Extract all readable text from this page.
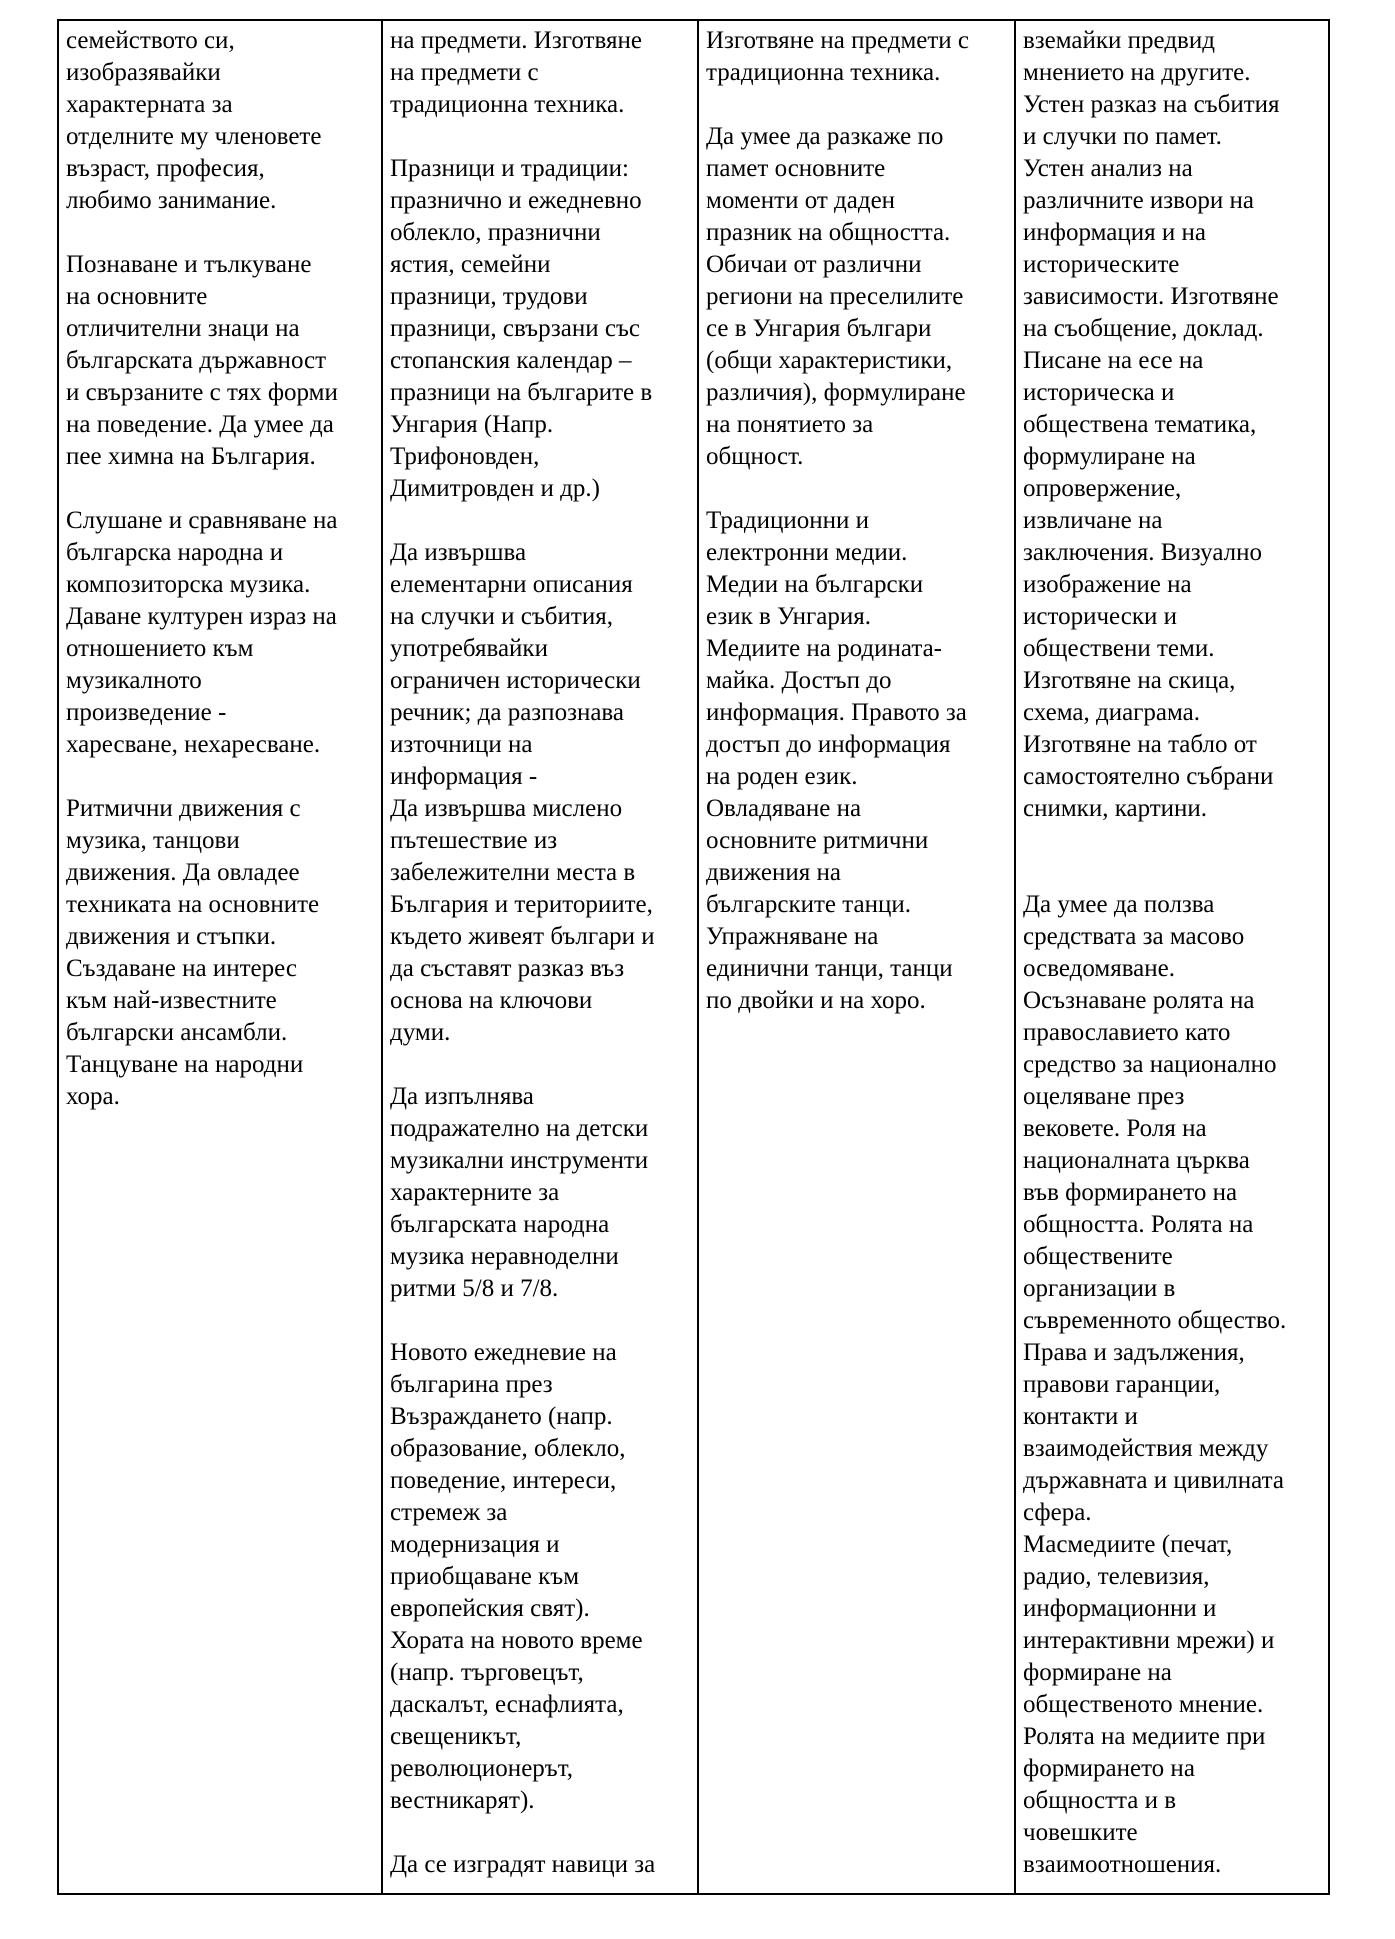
семейството си,
изобразявайки
характерната за
отделните му членовете
възраст, професия,
любимо занимание.
Познаване и тълкуване
на основните
отличителни знаци на
българската държавност
и свързаните с тях форми
на поведение. Да умее да
пее химна на България.
Слушане и сравняване на
българска народна и
композиторска музика.
Даване културен израз на
отношението към
музикалното
произведение -
харесване, нехаресване.
Ритмични движения с
музика, танцови
движения. Да овладее
техниката на основните
движения и стъпки.
Създаване на интерес
към най-известните
български ансамбли.
Танцуване на народни
хора.

на предмети. Изготвяне
на предмети с
традиционна техника.
Празници и традиции:
празнично и ежедневно
облекло, празнични
ястия, семейни
празници, трудови
празници, свързани със
стопанския календар –
празници на българите в
Унгария (Напр.
Трифоновден,
Димитровден и др.)
Да извършва
елементарни описания
на случки и събития,
употребявайки
ограничен исторически
речник; да разпознава
източници на
информация -
Да извършва мислено
пътешествие из
забележителни места в
България и териториите,
където живеят българи и
да съставят разказ въз
основа на ключови
думи.
Да изпълнява
подражателно на детски
музикални инструменти
характерните за
българската народна
музика неравноделни
ритми 5/8 и 7/8.
Новото ежедневие на
българина през
Възраждането (напр.
образование, облекло,
поведение, интереси,
стремеж за
модернизация и
приобщаване към
европейския свят).
Хората на новото време
(напр. търговецът,
даскалът, еснафлията,
свещеникът,
революционерът,
вестникарят).
Да се изградят навици за

Изготвяне на предмети с
традиционна техника.
Да умее да разкаже по
памет основните
моменти от даден
празник на общността.
Обичаи от различни
региони на преселилите
се в Унгария българи
(общи характеристики,
различия), формулиране
на понятието за
общност.
Традиционни и
електронни медии.
Медии на български
език в Унгария.
Медиите на родината-
майка. Достъп до
информация. Правото за
достъп до информация
на роден език.
Овладяване на
основните ритмични
движения на
българските танци.
Упражняване на
единични танци, танци
по двойки и на хоро.

вземайки предвид
мнението на другите.
Устен разказ на събития
и случки по памет.
Устен анализ на
различните извори на
информация и на
историческите
зависимости. Изготвяне
на съобщение, доклад.
Писане на есе на
историческа и
обществена тематика,
формулиране на
опровержение,
извличане на
заключения. Визуално
изображение на
исторически и
обществени теми.
Изготвяне на скица,
схема, диаграма.
Изготвяне на табло от
самостоятелно събрани
снимки, картини.
Да умее да ползва
средствата за масово
осведомяване.
Осъзнаване ролята на
православието като
средство за национално
оцеляване през
вековете. Роля на
националната църква
във формирането на
общността. Ролята на
обществените
организации в
съвременното общество.
Права и задължения,
правови гаранции,
контакти и
взаимодействия между
държавната и цивилната
сфера.
Масмедиите (печат,
радио, телевизия,
информационни и
интерактивни мрежи) и
формиране на
общественото мнение.
Ролята на медиите при
формирането на
общността и в
човешките
взаимоотношения.
